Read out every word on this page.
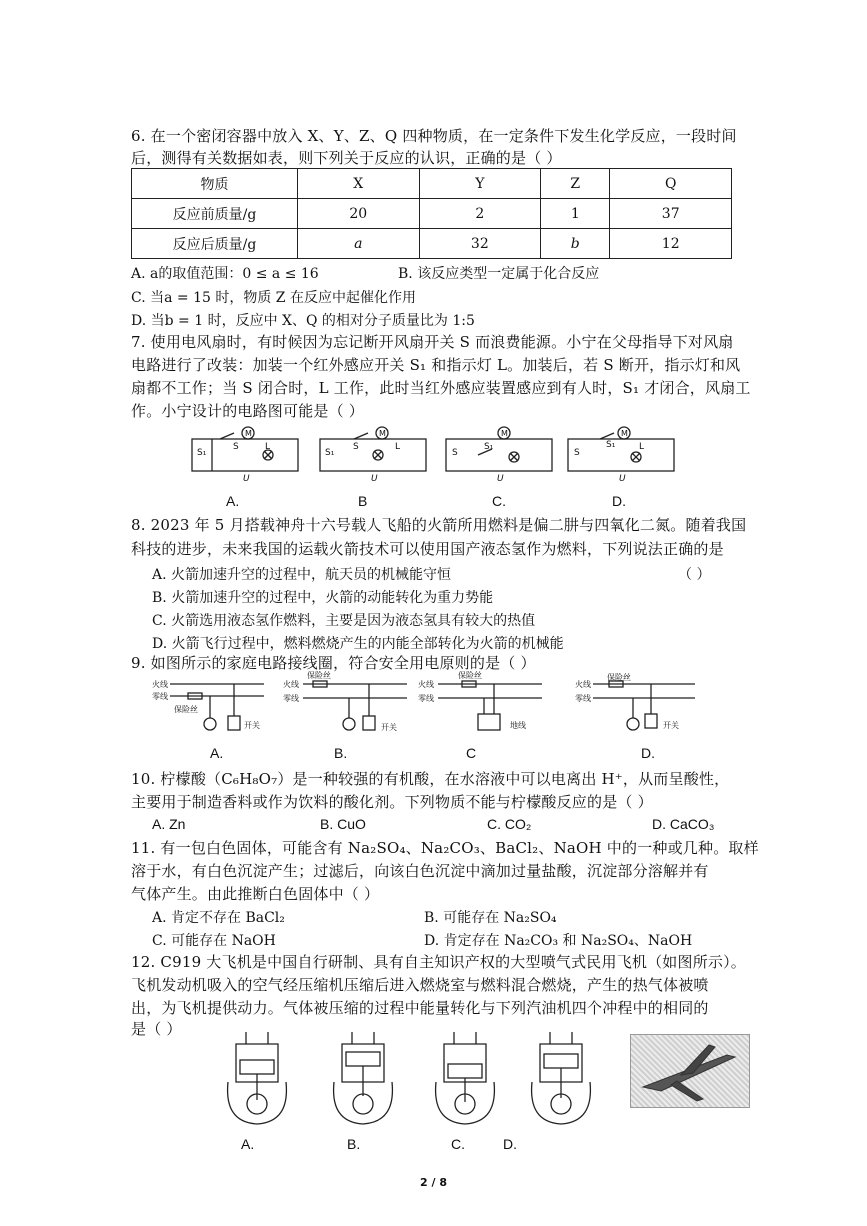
6. 在一个密闭容器中放入 X、Y、Z、Q 四种物质，在一定条件下发生化学反应，一段时间
后，测得有关数据如表，则下列关于反应的认识，正确的是（ ）
物质	X	Y	Z	Q
反应前质量/g	20	2	1	37
反应后质量/g	a	32	b	12
A. a的取值范围：0 ≤ a ≤ 16	B. 该反应类型一定属于化合反应
C. 当a = 15 时，物质 Z 在反应中起催化作用
D. 当b = 1 时，反应中 X、Q 的相对分子质量比为 1:5
7. 使用电风扇时，有时候因为忘记断开风扇开关 S 而浪费能源。小宁在父母指导下对风扇
电路进行了改装：加装一个红外感应开关 S₁ 和指示灯 L。加装后，若 S 断开，指示灯和风
扇都不工作；当 S 闭合时，L 工作，此时当红外感应装置感应到有人时，S₁ 才闭合，风扇工
作。小宁设计的电路图可能是（ ）
M
S	L
S₁
U
M
S	L
S₁
U
M
S₁
S
U
M
S₁	L
S
U
A.	B	C.	D.
8. 2023 年 5 月搭载神舟十六号载人飞船的火箭所用燃料是偏二肼与四氧化二氮。随着我国
科技的进步，未来我国的运载火箭技术可以使用国产液态氢作为燃料，下列说法正确的是
A. 火箭加速升空的过程中，航天员的机械能守恒	（ ）
B. 火箭加速升空的过程中，火箭的动能转化为重力势能
C. 火箭选用液态氢作燃料，主要是因为液态氢具有较大的热值
D. 火箭飞行过程中，燃料燃烧产生的内能全部转化为火箭的机械能
9. 如图所示的家庭电路接线圈，符合安全用电原则的是（ ）
火线
零线
保险丝
开关
火线
零线
保险丝
开关
火线
零线
保险丝
地线
火线
零线
保险丝
开关
A.	B.	C	D.
10. 柠檬酸（C₆H₈O₇）是一种较强的有机酸，在水溶液中可以电离出 H⁺，从而呈酸性，
主要用于制造香料或作为饮料的酸化剂。下列物质不能与柠檬酸反应的是（ ）
A. Zn	B. CuO	C. CO₂	D. CaCO₃
11. 有一包白色固体，可能含有 Na₂SO₄、Na₂CO₃、BaCl₂、NaOH 中的一种或几种。取样
溶于水，有白色沉淀产生；过滤后，向该白色沉淀中滴加过量盐酸，沉淀部分溶解并有
气体产生。由此推断白色固体中（ ）
A. 肯定不存在 BaCl₂	B. 可能存在 Na₂SO₄
C. 可能存在 NaOH	D. 肯定存在 Na₂CO₃ 和 Na₂SO₄、NaOH
12. C919 大飞机是中国自行研制、具有自主知识产权的大型喷气式民用飞机（如图所示）。
飞机发动机吸入的空气经压缩机压缩后进入燃烧室与燃料混合燃烧，产生的热气体被喷
出，为飞机提供动力。气体被压缩的过程中能量转化与下列汽油机四个冲程中的相同的
是（ ）
A.	B.	C.	D.
2 / 8
